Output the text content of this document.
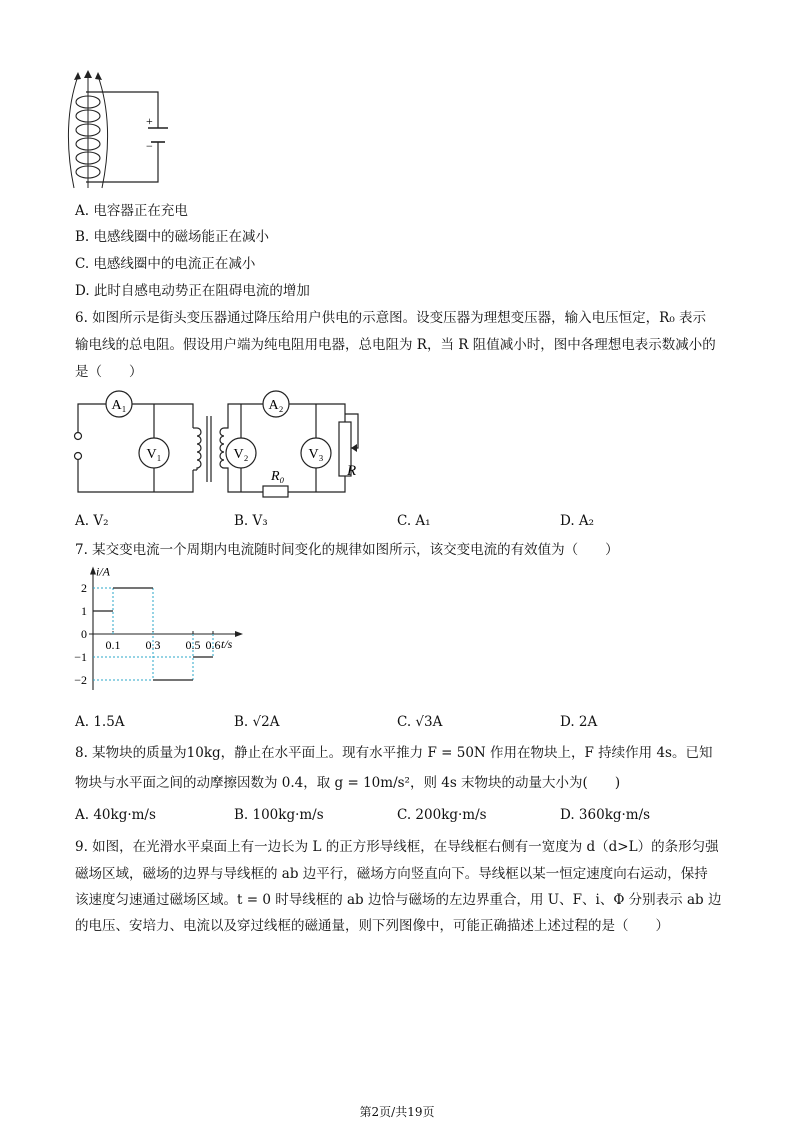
+
−
A. 电容器正在充电
B. 电感线圈中的磁场能正在减小
C. 电感线圈中的电流正在减小
D. 此时自感电动势正在阻碍电流的增加
6. 如图所示是街头变压器通过降压给用户供电的示意图。设变压器为理想变压器，输入电压恒定，R₀ 表示
输电线的总电阻。假设用户端为纯电阻用电器，总电阻为 R，当 R 阻值减小时，图中各理想电表示数减小的
是（　　）
A₁
V₁	V₂
A₂
V₃
R₀	R
A. V₂	B. V₃	C. A₁	D. A₂
7. 某交变电流一个周期内电流随时间变化的规律如图所示，该交变电流的有效值为（　　）
i/A
t/s
2
1
0
−1
−2
0.1 0.3 0.5 0.6
A. 1.5A	B. √2A	C. √3A	D. 2A
8. 某物块的质量为10kg，静止在水平面上。现有水平推力 F = 50N 作用在物块上，F 持续作用 4s。已知
物块与水平面之间的动摩擦因数为 0.4，取 g = 10m/s²，则 4s 末物块的动量大小为(　　)
A. 40kg·m/s	B. 100kg·m/s	C. 200kg·m/s	D. 360kg·m/s
9. 如图，在光滑水平桌面上有一边长为 L 的正方形导线框，在导线框右侧有一宽度为 d（d>L）的条形匀强
磁场区域，磁场的边界与导线框的 ab 边平行，磁场方向竖直向下。导线框以某一恒定速度向右运动，保持
该速度匀速通过磁场区域。t = 0 时导线框的 ab 边恰与磁场的左边界重合，用 U、F、i、Φ 分别表示 ab 边
的电压、安培力、电流以及穿过线框的磁通量，则下列图像中，可能正确描述上述过程的是（　　）
第2页/共19页
